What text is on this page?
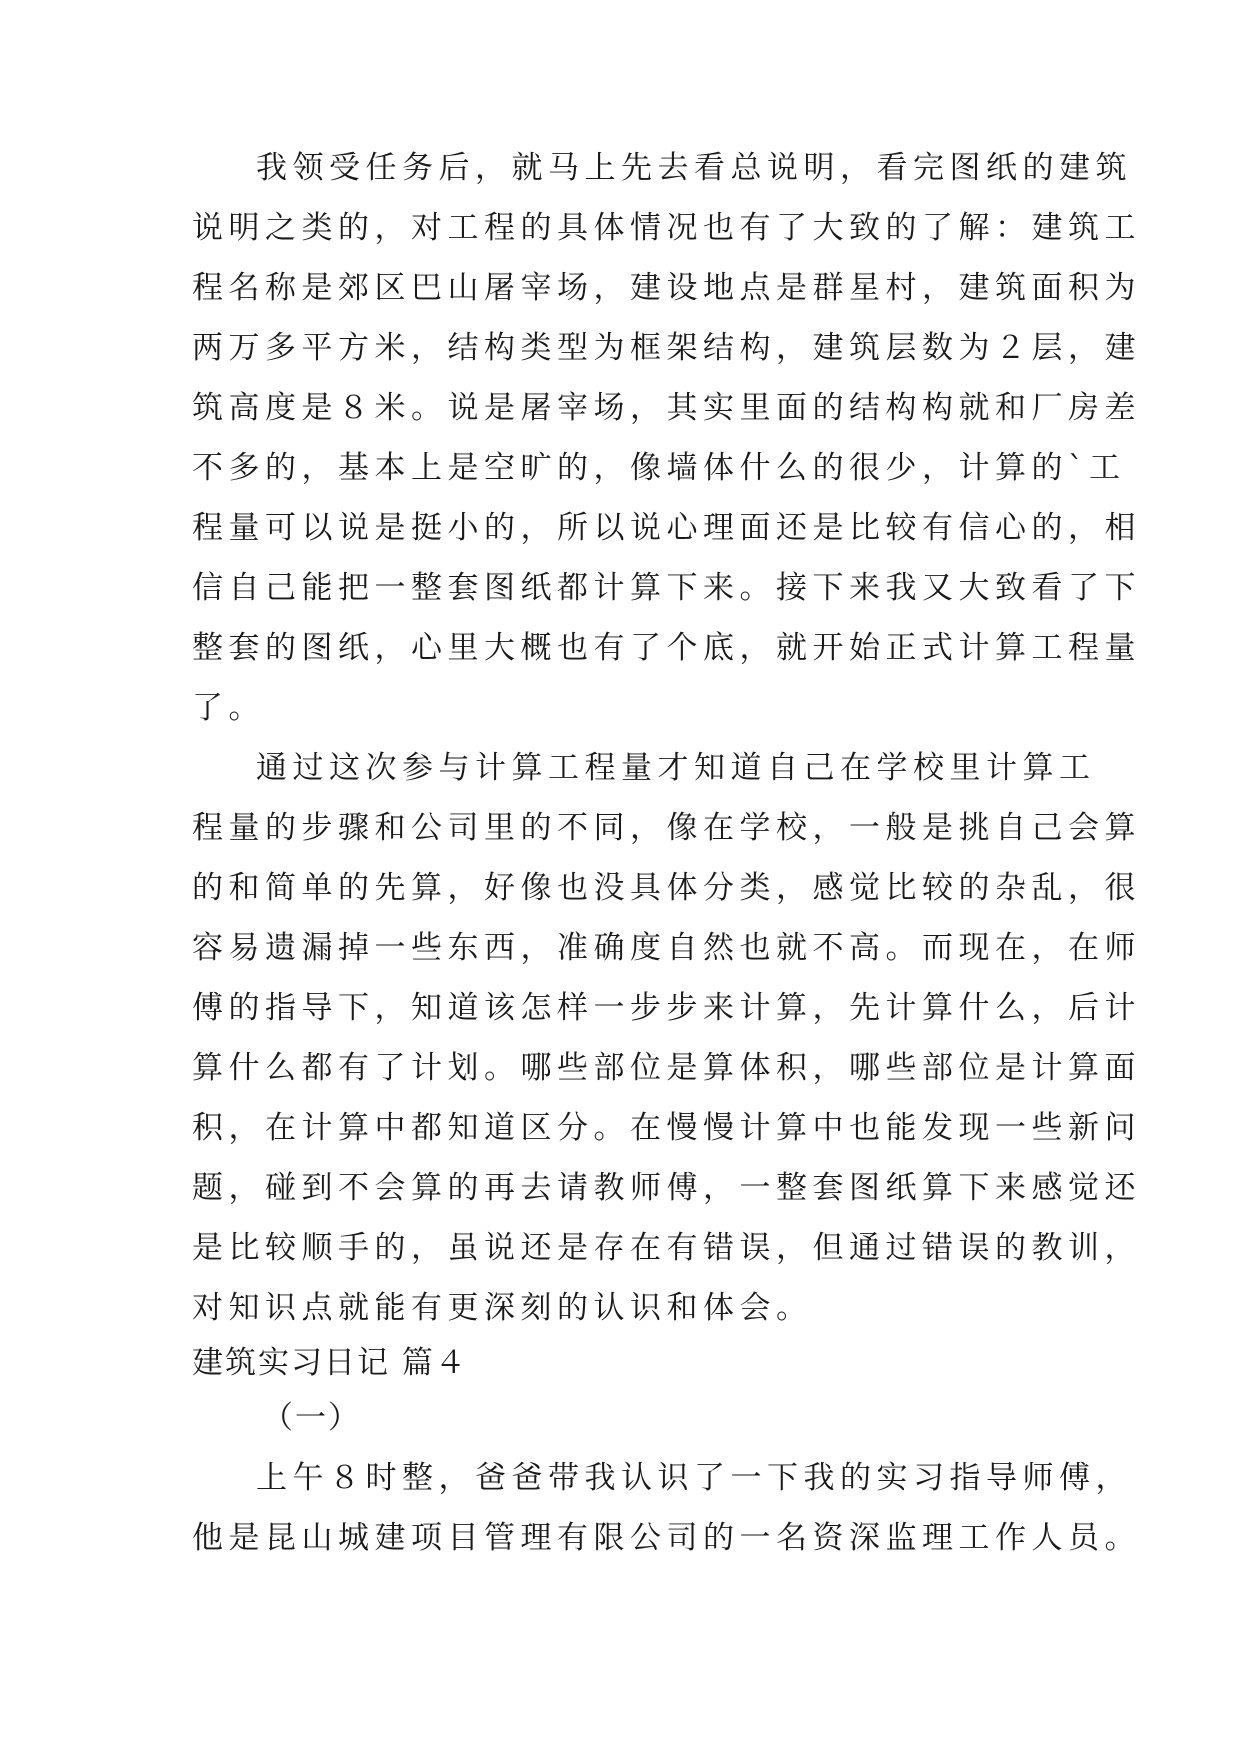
我领受任务后，就马上先去看总说明，看完图纸的建筑
说明之类的，对工程的具体情况也有了大致的了解：建筑工
程名称是郊区巴山屠宰场，建设地点是群星村，建筑面积为
两万多平方米，结构类型为框架结构，建筑层数为２层，建
筑高度是８米。说是屠宰场，其实里面的结构构就和厂房差
不多的，基本上是空旷的，像墙体什么的很少，计算的`工
程量可以说是挺小的，所以说心理面还是比较有信心的，相
信自己能把一整套图纸都计算下来。接下来我又大致看了下
整套的图纸，心里大概也有了个底，就开始正式计算工程量
了。
通过这次参与计算工程量才知道自己在学校里计算工
程量的步骤和公司里的不同，像在学校，一般是挑自己会算
的和简单的先算，好像也没具体分类，感觉比较的杂乱，很
容易遗漏掉一些东西，准确度自然也就不高。而现在，在师
傅的指导下，知道该怎样一步步来计算，先计算什么，后计
算什么都有了计划。哪些部位是算体积，哪些部位是计算面
积，在计算中都知道区分。在慢慢计算中也能发现一些新问
题，碰到不会算的再去请教师傅，一整套图纸算下来感觉还
是比较顺手的，虽说还是存在有错误，但通过错误的教训，
对知识点就能有更深刻的认识和体会。
建筑实习日记 篇４
（一）
上午８时整，爸爸带我认识了一下我的实习指导师傅，
他是昆山城建项目管理有限公司的一名资深监理工作人员。
